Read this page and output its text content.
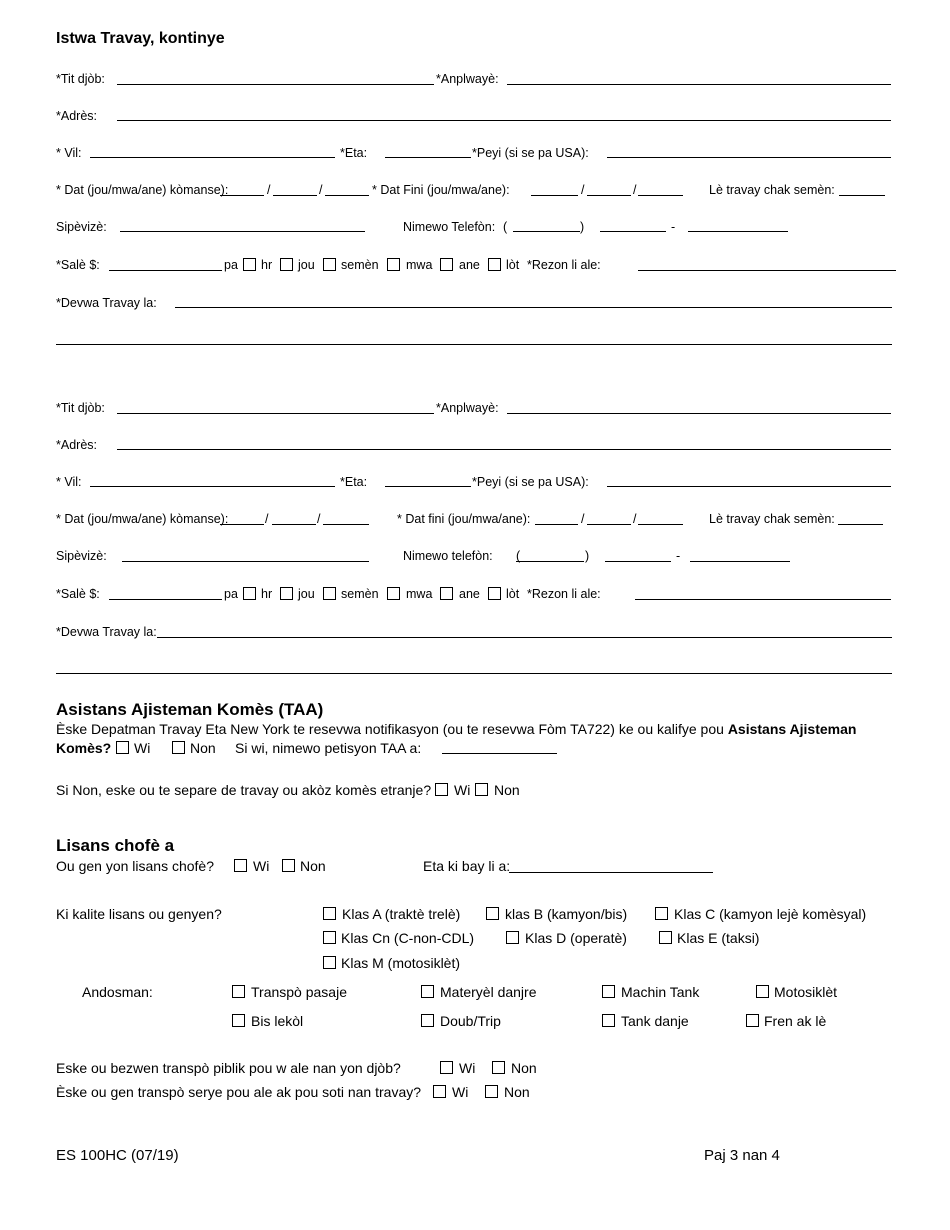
Istwa Travay, kontinye
*Tit djòb:	*Anplwayè:
*Adrès:
* Vil:	*Eta:	*Peyi (si se pa USA):
* Dat (jou/mwa/ane) kòmanse):	/	/	* Dat Fini (jou/mwa/ane):	/	/	Lè travay chak semèn:
Sipèvizè:	Nimewo Telefòn: (	)	-
*Salè $:	pa hr jou semèn mwa ane lòt *Rezon li ale:
*Devwa Travay la:
*Tit djòb:	*Anplwayè:
*Adrès:
* Vil:	*Eta:	*Peyi (si se pa USA):
* Dat (jou/mwa/ane) kòmanse):	/	/	* Dat fini (jou/mwa/ane):	/	/	Lè travay chak semèn:
Sipèvizè:	Nimewo telefòn: (	)	-
*Salè $:	pa hr jou semèn mwa ane lòt *Rezon li ale:
*Devwa Travay la:
Asistans Ajisteman Komès (TAA)
Èske Depatman Travay Eta New York te resevwa notifikasyon (ou te resevwa Fòm TA722) ke ou kalifye pou Asistans Ajisteman
Komès? Wi	Non Si wi, nimewo petisyon TAA a:
Si Non, eske ou te separe de travay ou akòz komès etranje? Wi Non
Lisans chofè a
Ou gen yon lisans chofè?	Wi Non	Eta ki bay li a:
Ki kalite lisans ou genyen?	Klas A (traktè trelè)	klas B (kamyon/bis)	Klas C (kamyon lejè komèsyal)
Klas Cn (C-non-CDL)	Klas D (operatè)	Klas E (taksi)
Klas M (motosiklèt)
Andosman:	Transpò pasaje	Materyèl danjre	Machin Tank	Motosiklèt
Bis lekòl	Doub/Trip	Tank danje	Fren ak lè
Eske ou bezwen transpò piblik pou w ale nan yon djòb?	Wi	Non
Èske ou gen transpò serye pou ale ak pou soti nan travay? Wi	Non
ES 100HC (07/19)	Paj 3 nan 4
